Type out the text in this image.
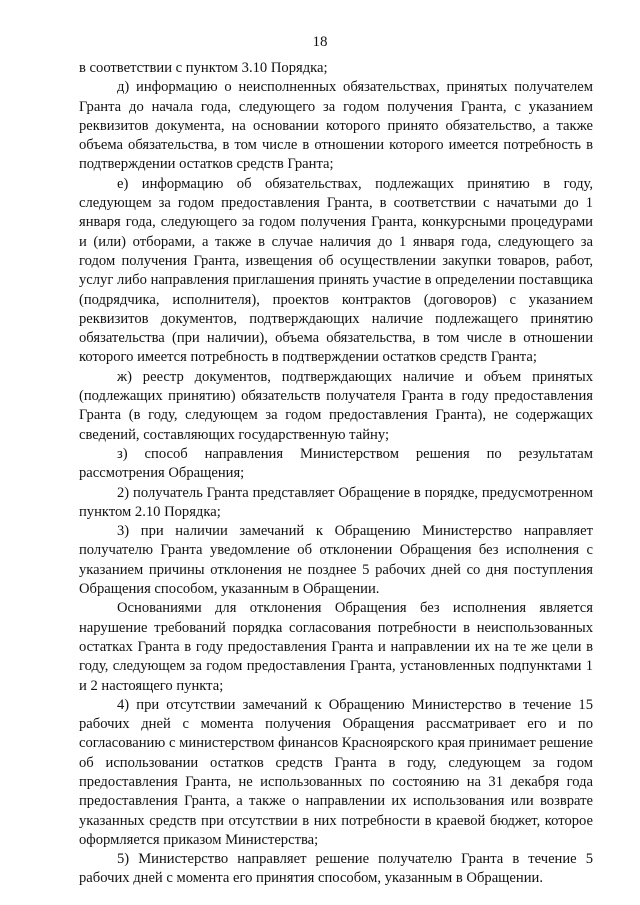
18

в соответствии с пунктом 3.10 Порядка;

д) информацию о неисполненных обязательствах, принятых получателем Гранта до начала года, следующего за годом получения Гранта, с указанием реквизитов документа, на основании которого принято обязательство, а также объема обязательства, в том числе в отношении которого имеется потребность в подтверждении остатков средств Гранта;

е) информацию об обязательствах, подлежащих принятию в году, следующем за годом предоставления Гранта, в соответствии с начатыми до 1 января года, следующего за годом получения Гранта, конкурсными процедурами и (или) отборами, а также в случае наличия до 1 января года, следующего за годом получения Гранта, извещения об осуществлении закупки товаров, работ, услуг либо направления приглашения принять участие в определении поставщика (подрядчика, исполнителя), проектов контрактов (договоров) с указанием реквизитов документов, подтверждающих наличие подлежащего принятию обязательства (при наличии), объема обязательства, в том числе в отношении которого имеется потребность в подтверждении остатков средств Гранта;

ж) реестр документов, подтверждающих наличие и объем принятых (подлежащих принятию) обязательств получателя Гранта в году предоставления Гранта (в году, следующем за годом предоставления Гранта), не содержащих сведений, составляющих государственную тайну;

з) способ направления Министерством решения по результатам рассмотрения Обращения;

2) получатель Гранта представляет Обращение в порядке, предусмотренном пунктом 2.10 Порядка;

3) при наличии замечаний к Обращению Министерство направляет получателю Гранта уведомление об отклонении Обращения без исполнения с указанием причины отклонения не позднее 5 рабочих дней со дня поступления Обращения способом, указанным в Обращении.

Основаниями для отклонения Обращения без исполнения является нарушение требований порядка согласования потребности в неиспользованных остатках Гранта в году предоставления Гранта и направлении их на те же цели в году, следующем за годом предоставления Гранта, установленных подпунктами 1 и 2 настоящего пункта;

4) при отсутствии замечаний к Обращению Министерство в течение 15 рабочих дней с момента получения Обращения рассматривает его и по согласованию с министерством финансов Красноярского края принимает решение об использовании остатков средств Гранта в году, следующем за годом предоставления Гранта, не использованных по состоянию на 31 декабря года предоставления Гранта, а также о направлении их использования или возврате указанных средств при отсутствии в них потребности в краевой бюджет, которое оформляется приказом Министерства;

5) Министерство направляет решение получателю Гранта в течение 5 рабочих дней с момента его принятия способом, указанным в Обращении.
